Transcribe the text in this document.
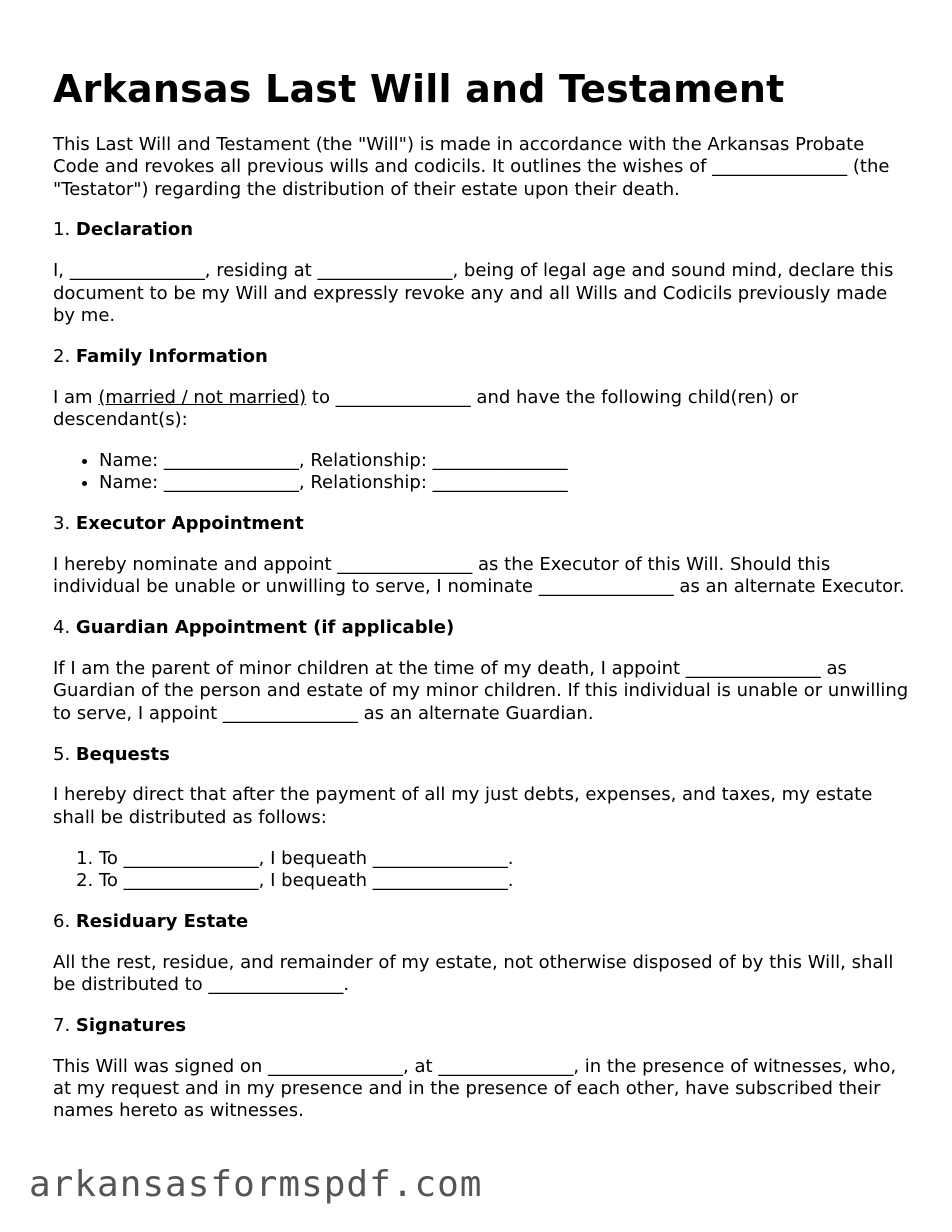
Arkansas Last Will and Testament

This Last Will and Testament (the "Will") is made in accordance with the Arkansas Probate Code and revokes all previous wills and codicils. It outlines the wishes of _______________ (the "Testator") regarding the distribution of their estate upon their death.

1. Declaration

I, _______________, residing at _______________, being of legal age and sound mind, declare this document to be my Will and expressly revoke any and all Wills and Codicils previously made by me.

2. Family Information

I am (married / not married) to _______________ and have the following child(ren) or descendant(s):

• Name: _______________, Relationship: _______________
• Name: _______________, Relationship: _______________
3. Executor Appointment

I hereby nominate and appoint _______________ as the Executor of this Will. Should this individual be unable or unwilling to serve, I nominate _______________ as an alternate Executor.

4. Guardian Appointment (if applicable)

If I am the parent of minor children at the time of my death, I appoint _______________ as Guardian of the person and estate of my minor children. If this individual is unable or unwilling to serve, I appoint _______________ as an alternate Guardian.

5. Bequests

I hereby direct that after the payment of all my just debts, expenses, and taxes, my estate shall be distributed as follows:

1. To _______________, I bequeath _______________.
2. To _______________, I bequeath _______________.
6. Residuary Estate

All the rest, residue, and remainder of my estate, not otherwise disposed of by this Will, shall be distributed to _______________.

7. Signatures

This Will was signed on _______________, at _______________, in the presence of witnesses, who, at my request and in my presence and in the presence of each other, have subscribed their names hereto as witnesses.

arkansasformspdf.com
